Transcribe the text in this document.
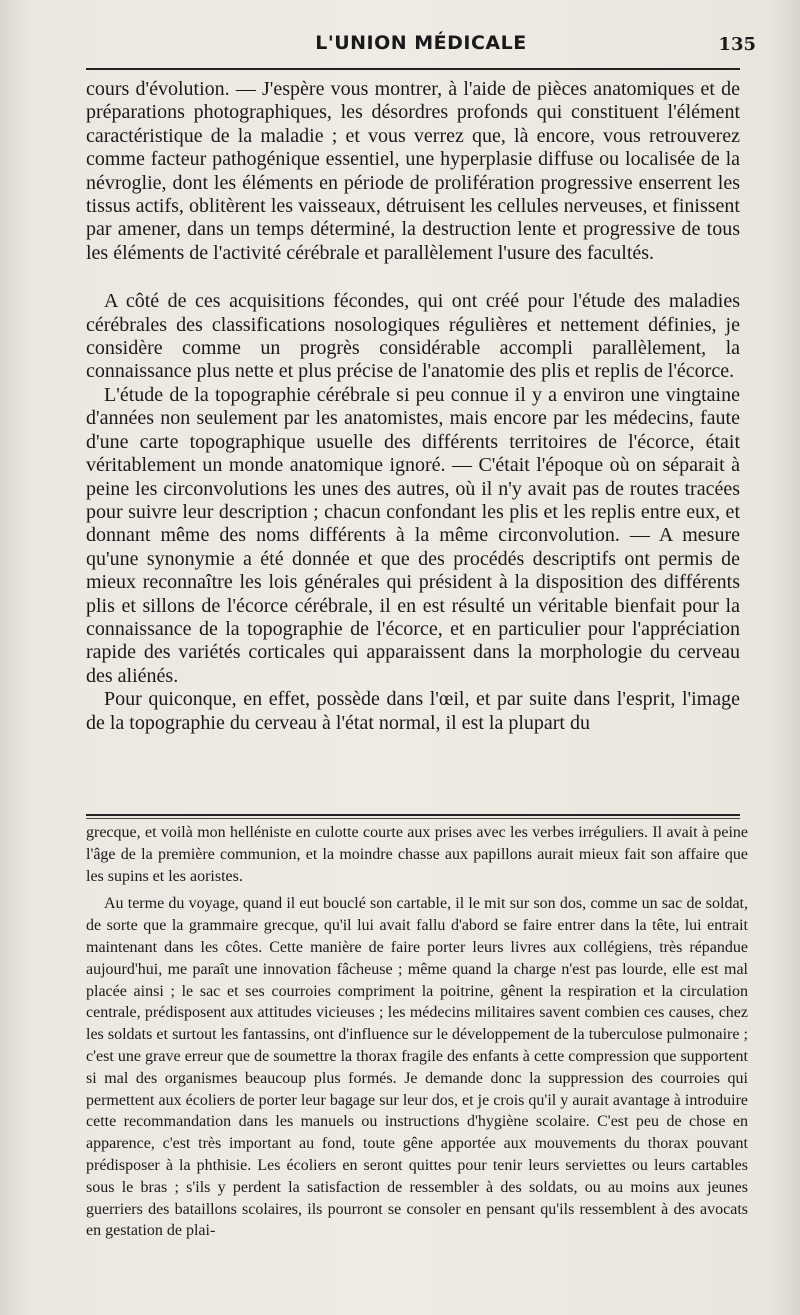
L'UNION MÉDICALE	135

cours d'évolution. — J'espère vous montrer, à l'aide de pièces anatomiques et de préparations photographiques, les désordres profonds qui constituent l'élément caractéristique de la maladie ; et vous verrez que, là encore, vous retrouverez comme facteur pathogénique essentiel, une hyperplasie diffuse ou localisée de la névroglie, dont les éléments en période de prolifération progressive enserrent les tissus actifs, oblitèrent les vaisseaux, détruisent les cellules nerveuses, et finissent par amener, dans un temps déterminé, la destruction lente et progressive de tous les éléments de l'activité cérébrale et parallèlement l'usure des facultés.

A côté de ces acquisitions fécondes, qui ont créé pour l'étude des maladies cérébrales des classifications nosologiques régulières et nettement définies, je considère comme un progrès considérable accompli parallèlement, la connaissance plus nette et plus précise de l'anatomie des plis et replis de l'écorce.

L'étude de la topographie cérébrale si peu connue il y a environ une vingtaine d'années non seulement par les anatomistes, mais encore par les médecins, faute d'une carte topographique usuelle des différents territoires de l'écorce, était véritablement un monde anatomique ignoré. — C'était l'époque où on séparait à peine les circonvolutions les unes des autres, où il n'y avait pas de routes tracées pour suivre leur description ; chacun confondant les plis et les replis entre eux, et donnant même des noms différents à la même circonvolution. — A mesure qu'une synonymie a été donnée et que des procédés descriptifs ont permis de mieux reconnaître les lois générales qui président à la disposition des différents plis et sillons de l'écorce cérébrale, il en est résulté un véritable bienfait pour la connaissance de la topographie de l'écorce, et en particulier pour l'appréciation rapide des variétés corticales qui apparaissent dans la morphologie du cerveau des aliénés.

Pour quiconque, en effet, possède dans l'œil, et par suite dans l'esprit, l'image de la topographie du cerveau à l'état normal, il est la plupart du

grecque, et voilà mon helléniste en culotte courte aux prises avec les verbes irréguliers. Il avait à peine l'âge de la première communion, et la moindre chasse aux papillons aurait mieux fait son affaire que les supins et les aoristes.

Au terme du voyage, quand il eut bouclé son cartable, il le mit sur son dos, comme un sac de soldat, de sorte que la grammaire grecque, qu'il lui avait fallu d'abord se faire entrer dans la tête, lui entrait maintenant dans les côtes. Cette manière de faire porter leurs livres aux collégiens, très répandue aujourd'hui, me paraît une innovation fâcheuse ; même quand la charge n'est pas lourde, elle est mal placée ainsi ; le sac et ses courroies compriment la poitrine, gênent la respiration et la circulation centrale, prédisposent aux attitudes vicieuses ; les médecins militaires savent combien ces causes, chez les soldats et surtout les fantassins, ont d'influence sur le développement de la tuberculose pulmonaire ; c'est une grave erreur que de soumettre la thorax fragile des enfants à cette compression que supportent si mal des organismes beaucoup plus formés. Je demande donc la suppression des courroies qui permettent aux écoliers de porter leur bagage sur leur dos, et je crois qu'il y aurait avantage à introduire cette recommandation dans les manuels ou instructions d'hygiène scolaire. C'est peu de chose en apparence, c'est très important au fond, toute gêne apportée aux mouvements du thorax pouvant prédisposer à la phthisie. Les écoliers en seront quittes pour tenir leurs serviettes ou leurs cartables sous le bras ; s'ils y perdent la satisfaction de ressembler à des soldats, ou au moins aux jeunes guerriers des bataillons scolaires, ils pourront se consoler en pensant qu'ils ressemblent à des avocats en gestation de plai-
